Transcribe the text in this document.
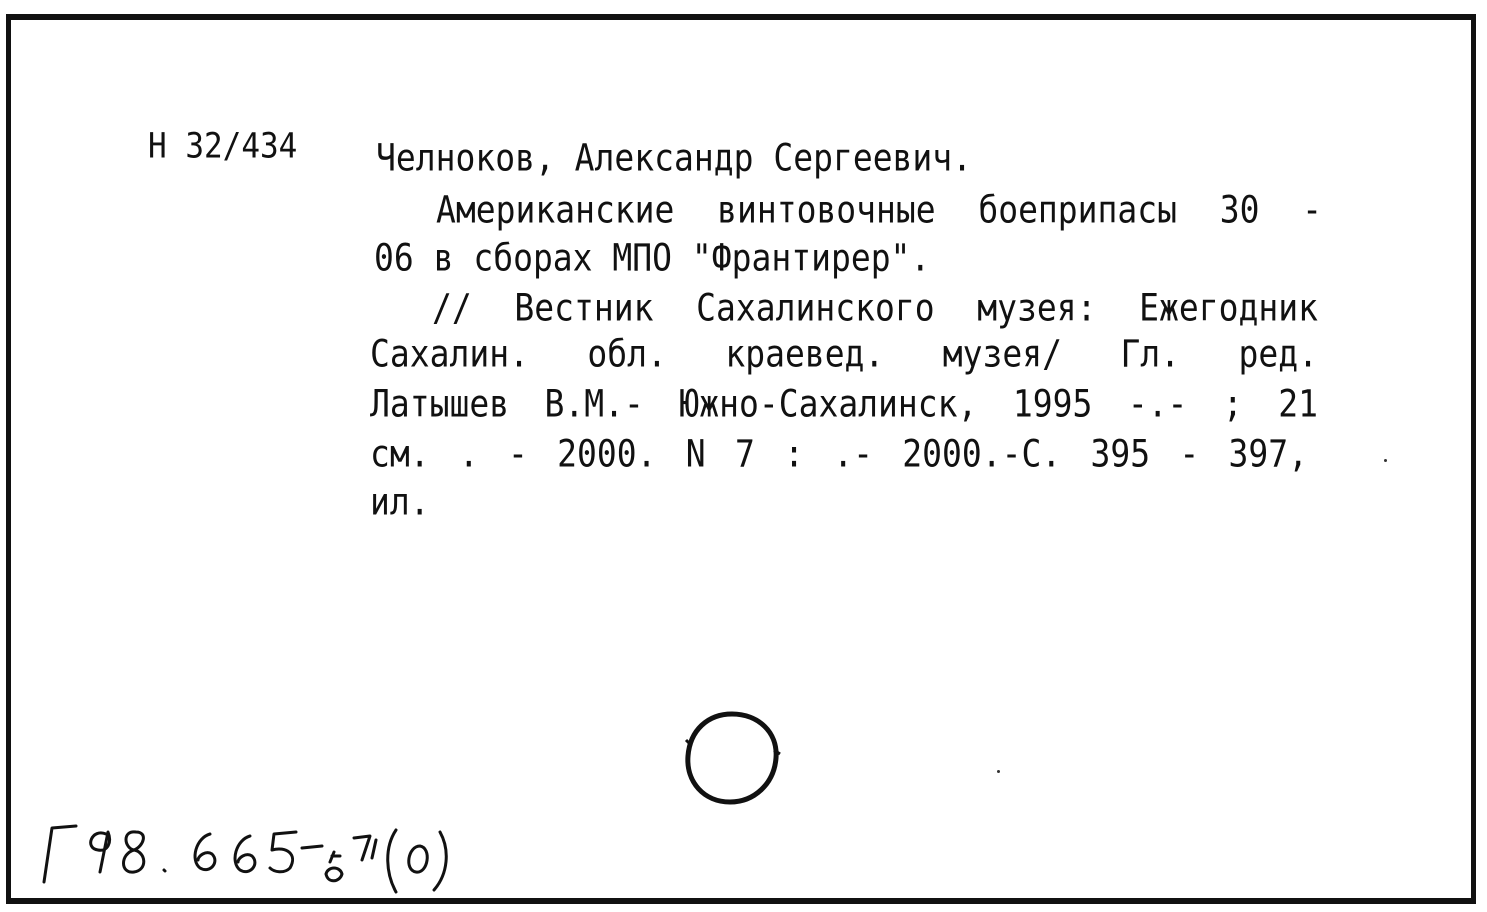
Н 32/434 Челноков, Александр Сергеевич.
Американские винтовочные боеприпасы 30 -
06 в сборах МПО "Франтирер".
// Вестник Сахалинского музея: Ежегодник
Сахалин. обл. краевед. музея/ Гл. ред.
Латышев В.М.- Южно-Сахалинск, 1995 -.- ; 21
см. . - 2000. N 7 : .- 2000.-С. 395 - 397,
ил.
